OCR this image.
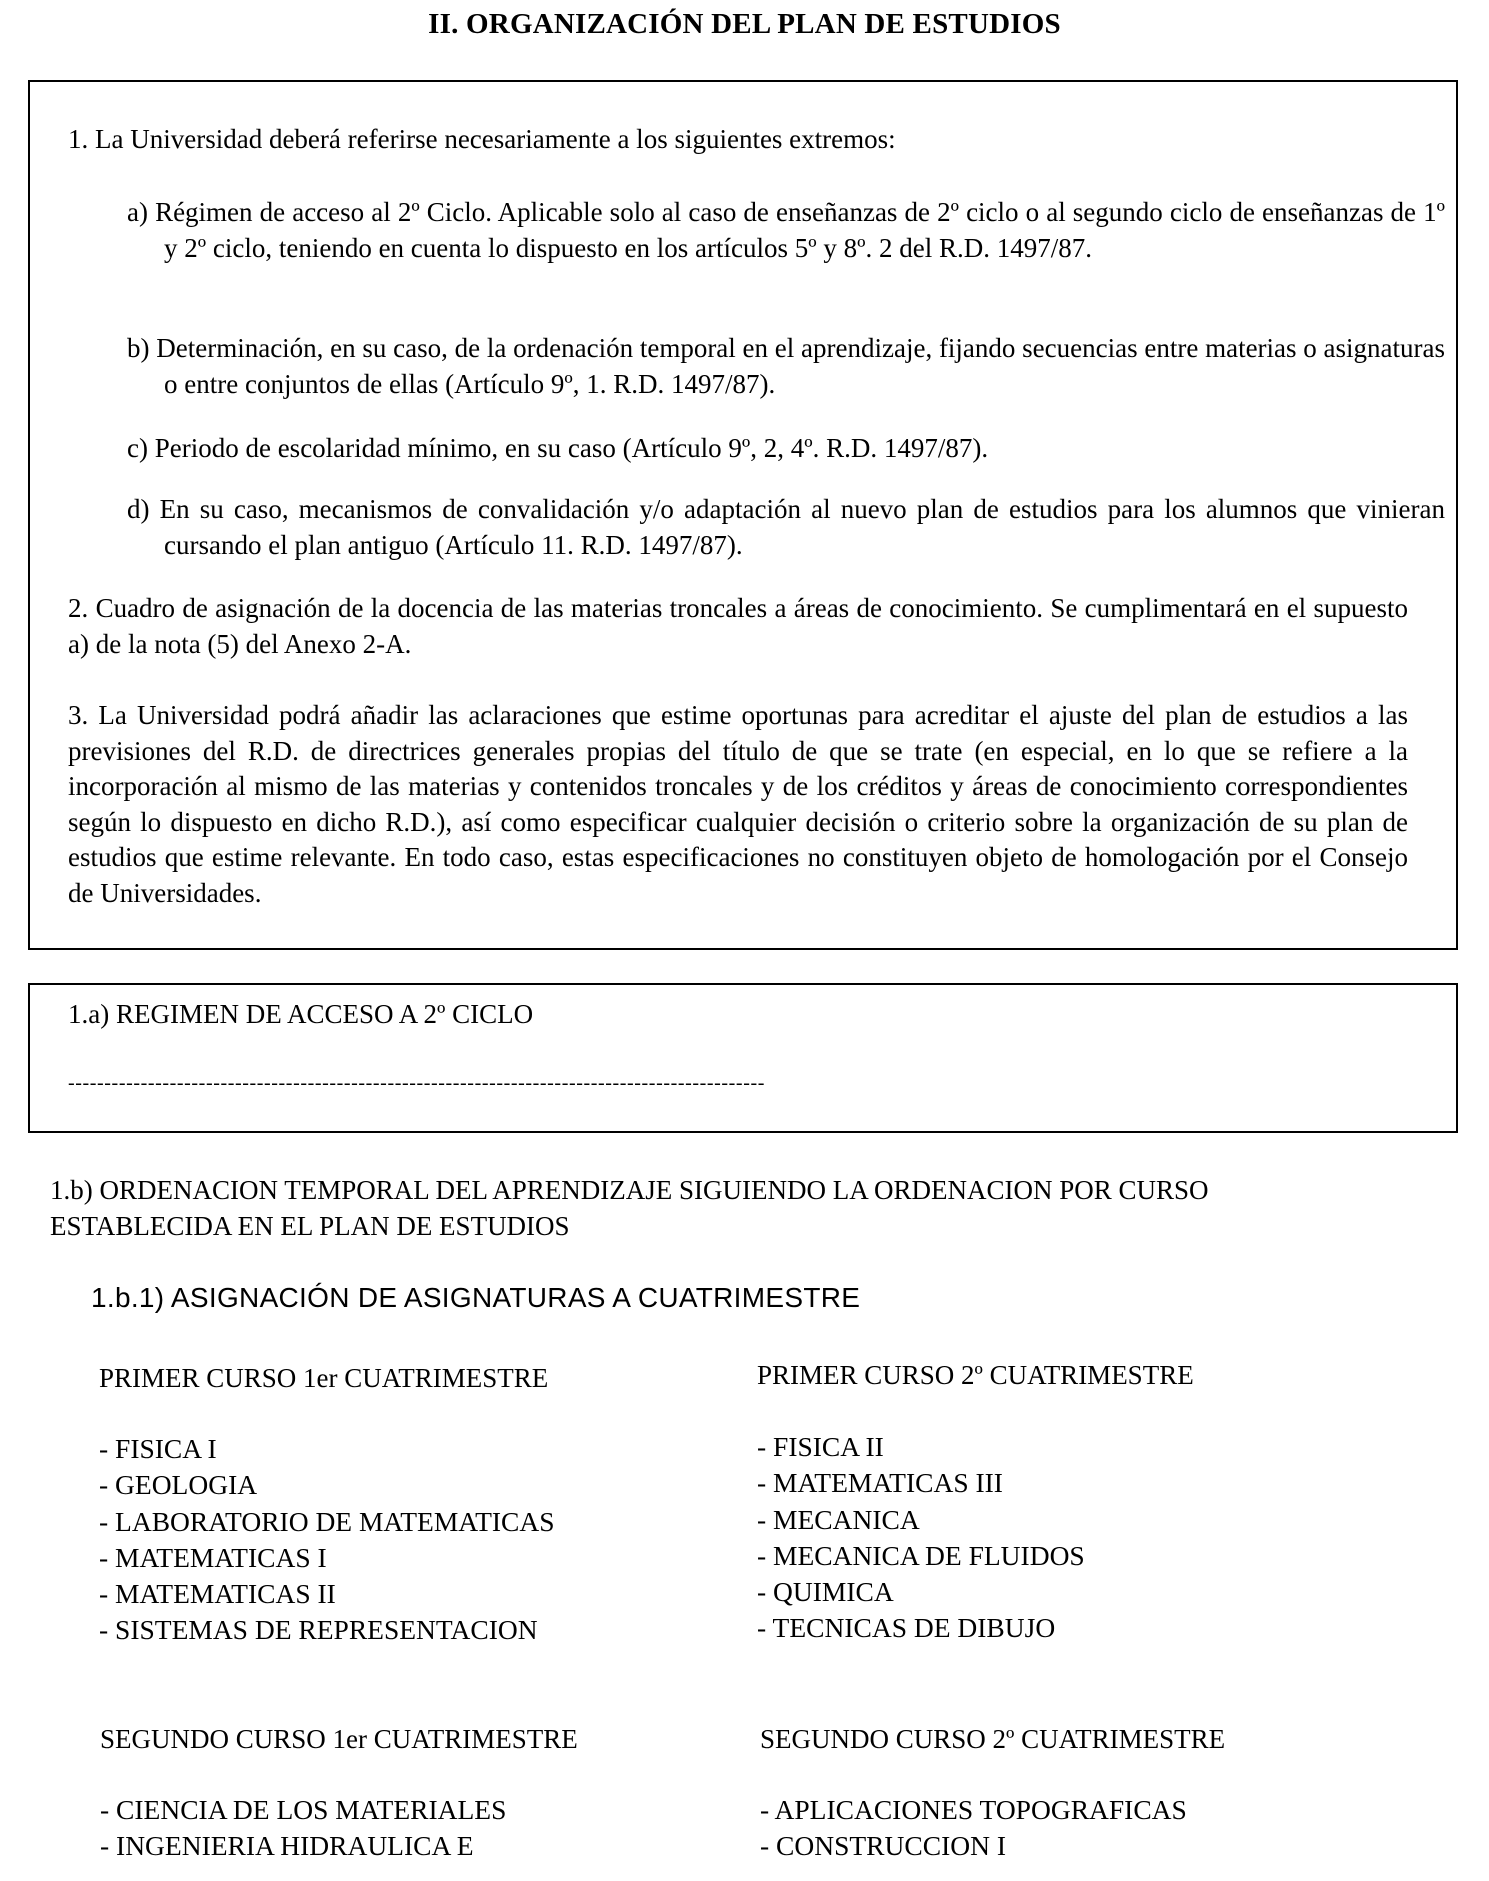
II. ORGANIZACIÓN DEL PLAN DE ESTUDIOS
1. La Universidad deberá referirse necesariamente a los siguientes extremos:
a) Régimen de acceso al 2º Ciclo. Aplicable solo al caso de enseñanzas de 2º ciclo o al segundo ciclo de enseñanzas de 1º y 2º ciclo, teniendo en cuenta lo dispuesto en los artículos 5º y 8º. 2 del R.D. 1497/87.
b) Determinación, en su caso, de la ordenación temporal en el aprendizaje, fijando secuencias entre materias o asignaturas o entre conjuntos de ellas (Artículo 9º, 1. R.D. 1497/87).
c) Periodo de escolaridad mínimo, en su caso (Artículo 9º, 2, 4º. R.D. 1497/87).
d) En su caso, mecanismos de convalidación y/o adaptación al nuevo plan de estudios para los alumnos que vinieran cursando el plan antiguo (Artículo 11. R.D. 1497/87).
2. Cuadro de asignación de la docencia de las materias troncales a áreas de conocimiento. Se cumplimentará en el supuesto a) de la nota (5) del Anexo 2-A.
3. La Universidad podrá añadir las aclaraciones que estime oportunas para acreditar el ajuste del plan de estudios a las previsiones del R.D. de directrices generales propias del título de que se trate (en especial, en lo que se refiere a la incorporación al mismo de las materias y contenidos troncales y de los créditos y áreas de conocimiento correspondientes según lo dispuesto en dicho R.D.), así como especificar cualquier decisión o criterio sobre la organización de su plan de estudios que estime relevante. En todo caso, estas especificaciones no constituyen objeto de homologación por el Consejo de Universidades.
1.a) REGIMEN DE ACCESO A 2º CICLO
------------------------------------------------------------------------------------------------
1.b) ORDENACION TEMPORAL DEL APRENDIZAJE SIGUIENDO LA ORDENACION POR CURSO
ESTABLECIDA EN EL PLAN DE ESTUDIOS
1.b.1) ASIGNACIÓN DE ASIGNATURAS A CUATRIMESTRE
PRIMER CURSO 1er CUATRIMESTRE
- FISICA I
- GEOLOGIA
- LABORATORIO DE MATEMATICAS
- MATEMATICAS I
- MATEMATICAS II
- SISTEMAS DE REPRESENTACION
PRIMER CURSO 2º CUATRIMESTRE
- FISICA II
- MATEMATICAS III
- MECANICA
- MECANICA DE FLUIDOS
- QUIMICA
- TECNICAS DE DIBUJO
SEGUNDO CURSO 1er CUATRIMESTRE
- CIENCIA DE LOS MATERIALES
- INGENIERIA HIDRAULICA E
SEGUNDO CURSO 2º CUATRIMESTRE
- APLICACIONES TOPOGRAFICAS
- CONSTRUCCION I
